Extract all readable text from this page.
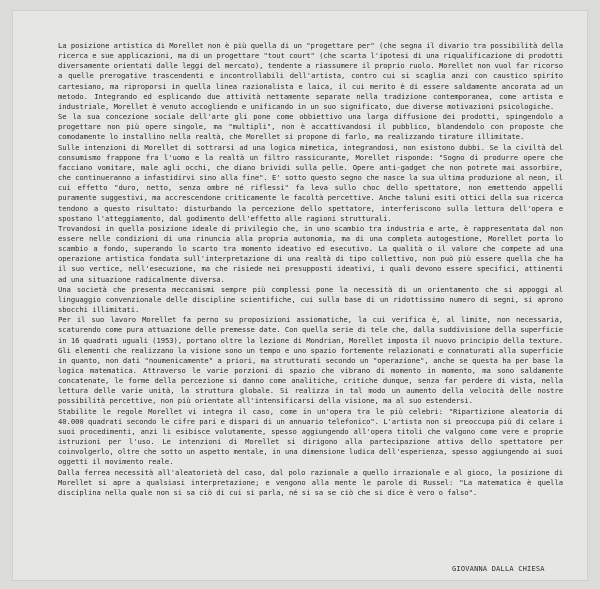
La posizione artistica di Morellet non è più quella di un "progettare per" (che segna il divario tra possibilità della ricerca e sue applicazioni, ma di un progettare "tout court" (che scarta l'ipotesi di una riqualificazione di prodotti diversamente orientati dalle leggi del mercato), tendente a riassumere il proprio ruolo. Morellet non vuol far ricorso a quelle prerogative trascendenti e incontrollabili dell'artista, contro cui si scaglia anzi con caustico spirito cartesiano, ma riproporsi in quella linea razionalista e laica, il cui merito è di essere saldamente ancorata ad un metodo. Integrando ed esplicando due attività nettamente separate nella tradizione contemporanea, come artista e industriale, Morellet è venuto accogliendo e unificando in un suo significato, due diverse motivazioni psicologiche.

Se la sua concezione sociale dell'arte gli pone come obbiettivo una larga diffusione dei prodotti, spingendolo a progettare non più opere singole, ma "multipli", non è accattivandosi il pubblico, blandendolo con proposte che comodamente lo installino nella realtà, che Morellet si propone di farlo, ma realizzando tirature illimitate.

Sulle intenzioni di Morellet di sottrarsi ad una logica mimetica, integrandosi, non esistono dubbi. Se la civiltà del consumismo frappone fra l'uomo e la realtà un filtro rassicurante, Morellet risponde: "Sogno di produrre opere che facciano vomitare, male agli occhi, che diano brividi sulla pelle. Opere anti-gadget che non potrete mai assorbire, che continueranno a infastidirvi sino alla fine". E' sotto questo segno che nasce la sua ultima produzione al neon, il cui effetto "duro, netto, senza ombre né riflessi" fa leva sullo choc dello spettatore, non emettendo appelli puramente suggestivi, ma accrescendone criticamente le facoltà percettive. Anche taluni esiti ottici della sua ricerca tendono a questo risultato: disturbando la percezione dello spettatore, interferiscono sulla lettura dell'opera e spostano l'atteggiamento, dal godimento dell'effetto alle ragioni strutturali.

Trovandosi in quella posizione ideale di privilegio che, in uno scambio tra industria e arte, è rappresentata dal non essere nelle condizioni di una rinuncia alla propria autonomia, ma di una completa autogestione, Morellet porta lo scambio a fondo, superando lo scarto tra momento ideativo ed esecutivo. La qualità o il valore che compete ad una operazione artistica fondata sull'interpretazione di una realtà di tipo collettivo, non può più essere quella che ha il suo vertice, nell'esecuzione, ma che risiede nei presupposti ideativi, i quali devono essere specifici, attinenti ad una situazione radicalmente diversa.

Una società che presenta meccanismi sempre più complessi pone la necessità di un orientamento che si appoggi al linguaggio convenzionale delle discipline scientifiche, cui sulla base di un ridottissimo numero di segni, si aprono sbocchi illimitati.

Per il suo lavoro Morellet fa perno su proposizioni assiomatiche, la cui verifica è, al limite, non necessaria, scaturendo come pura attuazione delle premesse date. Con quella serie di tele che, dalla suddivisione della superficie in 16 quadrati uguali (1953), portano oltre la lezione di Mondrian, Morellet imposta il nuovo principio della texture. Gli elementi che realizzano la visione sono un tempo e uno spazio fortemente relazionati e connaturati alla superficie in quanto, non dati "noumenicamente" a priori, ma strutturati secondo un "operazione", anche se questa ha per base la logica matematica. Attraverso le varie porzioni di spazio che vibrano di momento in momento, ma sono saldamente concatenate, le forme della percezione si danno come analitiche, critiche dunque, senza far perdere di vista, nella lettura delle varie unità, la struttura globale. Si realizza in tal modo un aumento della velocità delle nostre possibilità percettive, non più orientate all'intensificarsi della visione, ma al suo estendersi.

Stabilite le regole Morellet vi integra il caso, come in un'opera tra le più celebri: "Ripartizione aleatoria di 40.000 quadrati secondo le cifre pari e dispari di un annuario telefonico". L'artista non si preoccupa più di celare i suoi procedimenti, anzi li esibisce volutamente, spesso aggiungendo all'opera titoli che valgono come vere e proprie istruzioni per l'uso. Le intenzioni di Morellet si dirigono alla partecipazione attiva dello spettatore per coinvolgerlo, oltre che sotto un aspetto mentale, in una dimensione ludica dell'esperienza, spesso aggiungendo ai suoi oggetti il movimento reale.

Dalla ferrea necessità all'aleatorietà del caso, dal polo razionale a quello irrazionale e al gioco, la posizione di Morellet si apre a qualsiasi interpretazione; e vengono alla mente le parole di Russel: "La matematica è quella disciplina nella quale non si sa ciò di cui si parla, né si sa se ciò che si dice è vero o falso".

GIOVANNA DALLA CHIESA
